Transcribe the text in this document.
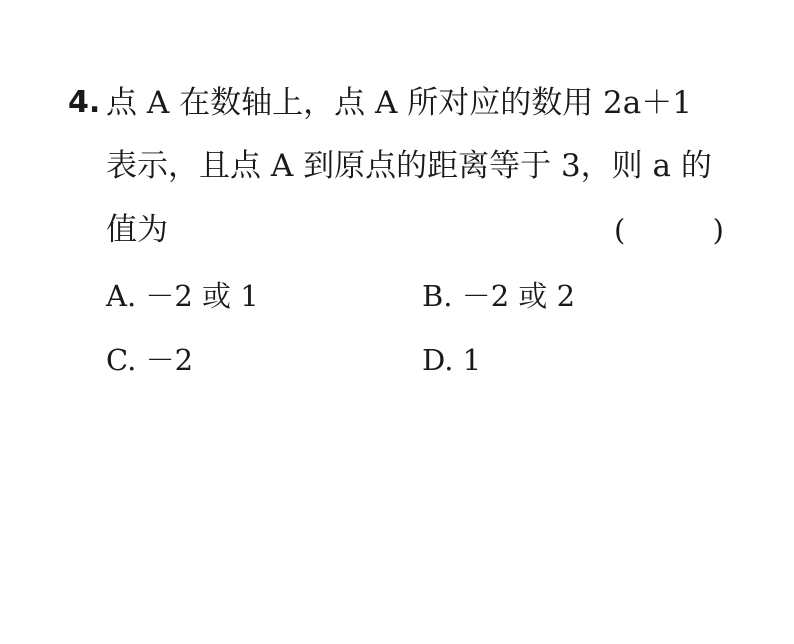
4. 点 A 在数轴上，点 A 所对应的数用 2a＋1
表示，且点 A 到原点的距离等于 3，则 a 的
值为	(	)
A. －2 或 1	B. －2 或 2
C. －2	D. 1
